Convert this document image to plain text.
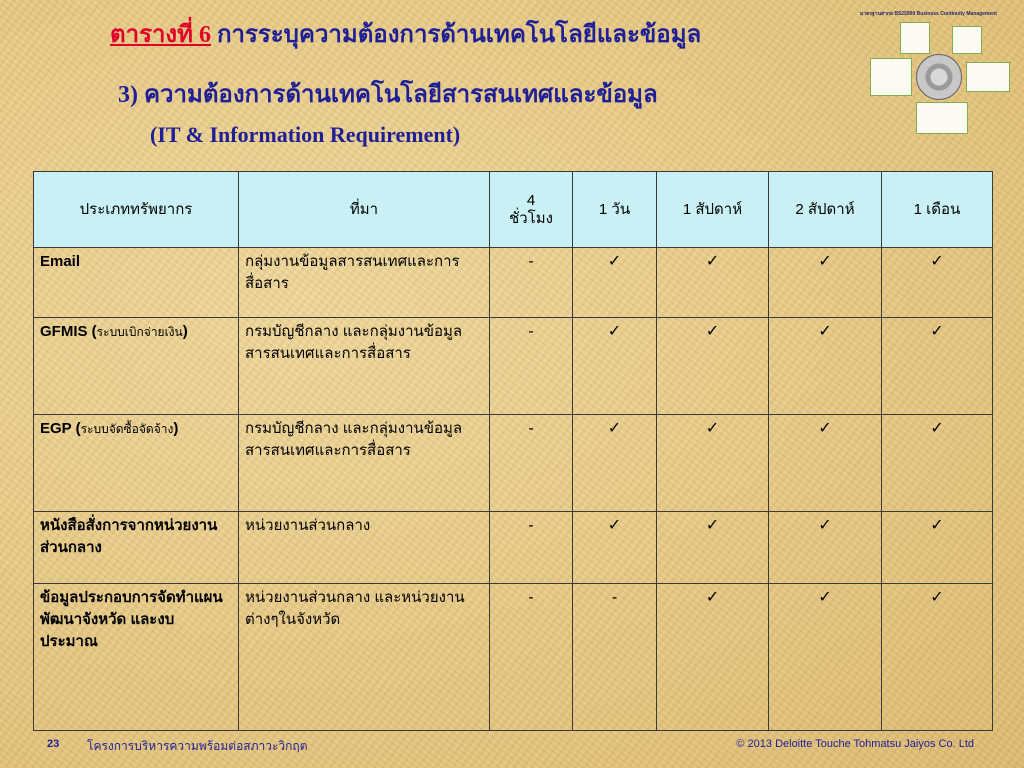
ตารางที่ 6 การระบุความต้องการด้านเทคโนโลยีและข้อมูล
3) ความต้องการด้านเทคโนโลยีสารสนเทศและข้อมูล
(IT & Information Requirement)
มาตรฐานสากล BS25999 Business Continuity Management
ประเภททรัพยากร	ที่มา	4
ชั่วโมง	1 วัน	1 สัปดาห์	2 สัปดาห์	1 เดือน
Email	กลุ่มงานข้อมูลสารสนเทศและการสื่อสาร	-	✓	✓	✓	✓
GFMIS (ระบบเบิกจ่ายเงิน)	กรมบัญชีกลาง และกลุ่มงานข้อมูลสารสนเทศและการสื่อสาร	-	✓	✓	✓	✓
EGP (ระบบจัดซื้อจัดจ้าง)	กรมบัญชีกลาง และกลุ่มงานข้อมูลสารสนเทศและการสื่อสาร	-	✓	✓	✓	✓
หนังสือสั่งการจากหน่วยงานส่วนกลาง	หน่วยงานส่วนกลาง	-	✓	✓	✓	✓
ข้อมูลประกอบการจัดทำแผนพัฒนาจังหวัด และงบประมาณ	หน่วยงานส่วนกลาง และหน่วยงานต่างๆในจังหวัด	-	-	✓	✓	✓
23 โครงการบริหารความพร้อมต่อสภาวะวิกฤต	© 2013 Deloitte Touche Tohmatsu Jaiyos Co. Ltd
